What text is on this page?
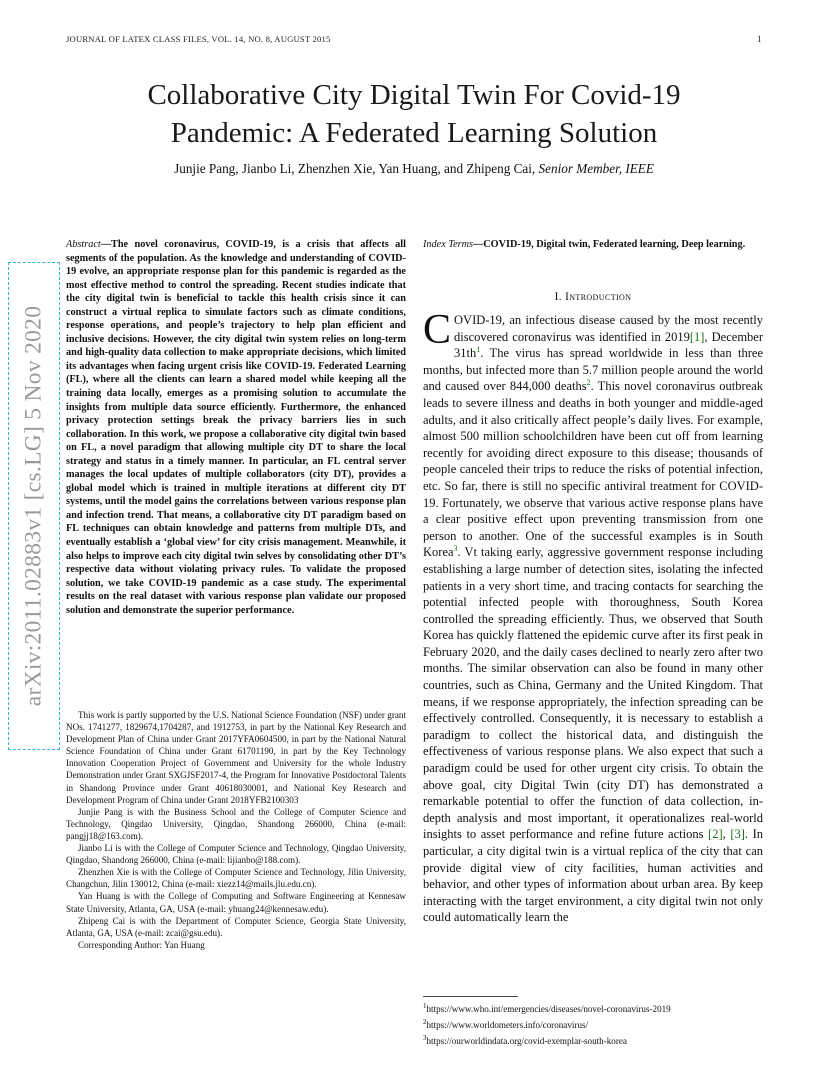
JOURNAL OF LATEX CLASS FILES, VOL. 14, NO. 8, AUGUST 2015	1
Collaborative City Digital Twin For Covid-19
Pandemic: A Federated Learning Solution
Junjie Pang, Jianbo Li, Zhenzhen Xie, Yan Huang, and Zhipeng Cai, Senior Member, IEEE
arXiv:2011.02883v1 [cs.LG] 5 Nov 2020
Abstract—The novel coronavirus, COVID-19, is a crisis that affects all segments of the population. As the knowledge and understanding of COVID-19 evolve, an appropriate response plan for this pandemic is regarded as the most effective method to control the spreading. Recent studies indicate that the city digital twin is beneficial to tackle this health crisis since it can construct a virtual replica to simulate factors such as climate conditions, response operations, and people’s trajectory to help plan efficient and inclusive decisions. However, the city digital twin system relies on long-term and high-quality data collection to make appropriate decisions, which limited its advantages when facing urgent crisis like COVID-19. Federated Learning (FL), where all the clients can learn a shared model while keeping all the training data locally, emerges as a promising solution to accumulate the insights from multiple data source efficiently. Furthermore, the enhanced privacy protection settings break the privacy barriers lies in such collaboration. In this work, we propose a collaborative city digital twin based on FL, a novel paradigm that allowing multiple city DT to share the local strategy and status in a timely manner. In particular, an FL central server manages the local updates of multiple collaborators (city DT), provides a global model which is trained in multiple iterations at different city DT systems, until the model gains the correlations between various response plan and infection trend. That means, a collaborative city DT paradigm based on FL techniques can obtain knowledge and patterns from multiple DTs, and eventually establish a ‘global view’ for city crisis management. Meanwhile, it also helps to improve each city digital twin selves by consolidating other DT’s respective data without violating privacy rules. To validate the proposed solution, we take COVID-19 pandemic as a case study. The experimental results on the real dataset with various response plan validate our proposed solution and demonstrate the superior performance.

This work is partly supported by the U.S. National Science Foundation (NSF) under grant NOs. 1741277, 1829674,1704287, and 1912753, in part by the National Key Research and Development Plan of China under Grant 2017YFA0604500, in part by the National Natural Science Foundation of China under Grant 61701190, in part by the Key Technology Innovation Cooperation Project of Government and University for the whole Industry Demonstration under Grant SXGJSF2017-4, the Program for Innovative Postdoctoral Talents in Shandong Province under Grant 40618030001, and National Key Research and Development Program of China under Grant 2018YFB2100303

Junjie Pang is with the Business School and the College of Computer Science and Technology, Qingdao University, Qingdao, Shandong 266000, China (e-mail: pangjj18@163.com).

Jianbo Li is with the College of Computer Science and Technology, Qingdao University, Qingdao, Shandong 266000, China (e-mail: lijianbo@188.com).

Zhenzhen Xie is with the College of Computer Science and Technology, Jilin University, Changchun, Jilin 130012, China (e-mail: xiezz14@mails.jlu.edu.cn).

Yan Huang is with the College of Computing and Software Engineering at Kennesaw State University, Atlanta, GA, USA (e-mail: yhuang24@kennesaw.edu).

Zhipeng Cai is with the Department of Computer Science, Georgia State University, Atlanta, GA, USA (e-mail: zcai@gsu.edu).

Corresponding Author: Yan Huang

Index Terms—COVID-19, Digital twin, Federated learning, Deep learning.
I. Introduction
COVID-19, an infectious disease caused by the most recently discovered coronavirus was identified in 2019[1], December 31th$^1$. The virus has spread worldwide in less than three months, but infected more than 5.7 million people around the world and caused over 844,000 deaths$^2$. This novel coronavirus outbreak leads to severe illness and deaths in both younger and middle-aged adults, and it also critically affect people’s daily lives. For example, almost 500 million schoolchildren have been cut off from learning recently for avoiding direct exposure to this disease; thousands of people canceled their trips to reduce the risks of potential infection, etc. So far, there is still no specific antiviral treatment for COVID-19. Fortunately, we observe that various active response plans have a clear positive effect upon preventing transmission from one person to another. One of the successful examples is in South Korea$^3$. Vt taking early, aggressive government response including establishing a large number of detection sites, isolating the infected patients in a very short time, and tracing contacts for searching the potential infected people with thoroughness, South Korea controlled the spreading efficiently. Thus, we observed that South Korea has quickly flattened the epidemic curve after its first peak in February 2020, and the daily cases declined to nearly zero after two months. The similar observation can also be found in many other countries, such as China, Germany and the United Kingdom. That means, if we response appropriately, the infection spreading can be effectively controlled. Consequently, it is necessary to establish a paradigm to collect the historical data, and distinguish the effectiveness of various response plans. We also expect that such a paradigm could be used for other urgent city crisis. To obtain the above goal, city Digital Twin (city DT) has demonstrated a remarkable potential to offer the function of data collection, in-depth analysis and most important, it operationalizes real-world insights to asset performance and refine future actions [2], [3]. In particular, a city digital twin is a virtual replica of the city that can provide digital view of city facilities, human activities and behavior, and other types of information about urban area. By keep interacting with the target environment, a city digital twin not only could automatically learn the
$^1$https://www.who.int/emergencies/diseases/novel-coronavirus-2019
$^2$https://www.worldometers.info/coronavirus/
$^3$https://ourworldindata.org/covid-exemplar-south-korea
